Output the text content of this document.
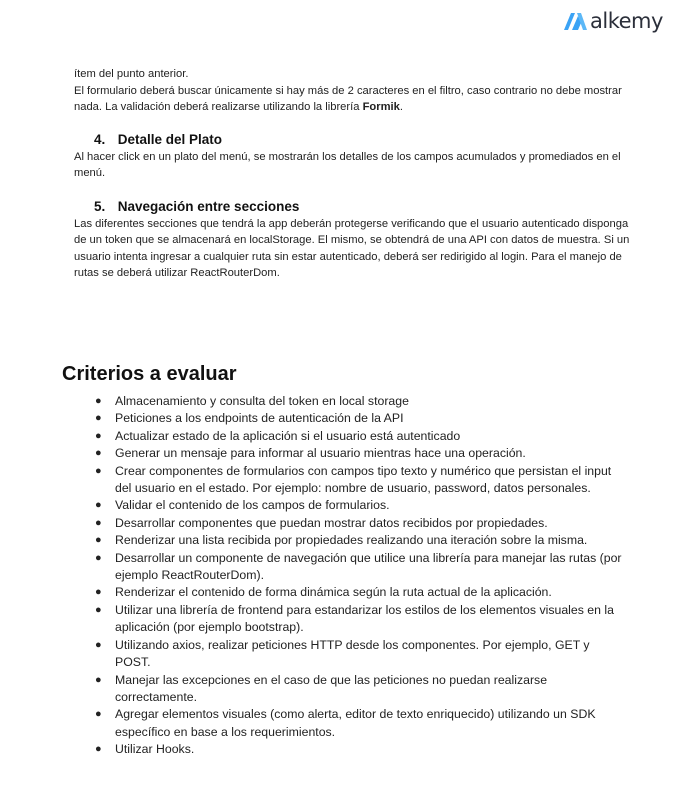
alkemy

ítem del punto anterior.

El formulario deberá buscar únicamente si hay más de 2 caracteres en el filtro, caso contrario no debe mostrar nada. La validación deberá realizarse utilizando la librería Formik.

4. Detalle del Plato

Al hacer click en un plato del menú, se mostrarán los detalles de los campos acumulados y promediados en el menú.

5. Navegación entre secciones

Las diferentes secciones que tendrá la app deberán protegerse verificando que el usuario autenticado disponga de un token que se almacenará en localStorage. El mismo, se obtendrá de una API con datos de muestra. Si un usuario intenta ingresar a cualquier ruta sin estar autenticado, deberá ser redirigido al login. Para el manejo de rutas se deberá utilizar ReactRouterDom.

Criterios a evaluar
● Almacenamiento y consulta del token en local storage
● Peticiones a los endpoints de autenticación de la API
● Actualizar estado de la aplicación si el usuario está autenticado
● Generar un mensaje para informar al usuario mientras hace una operación.
● Crear componentes de formularios con campos tipo texto y numérico que persistan el input del usuario en el estado. Por ejemplo: nombre de usuario, password, datos personales.
● Validar el contenido de los campos de formularios.
● Desarrollar componentes que puedan mostrar datos recibidos por propiedades.
● Renderizar una lista recibida por propiedades realizando una iteración sobre la misma.
● Desarrollar un componente de navegación que utilice una librería para manejar las rutas (por ejemplo ReactRouterDom).
● Renderizar el contenido de forma dinámica según la ruta actual de la aplicación.
● Utilizar una librería de frontend para estandarizar los estilos de los elementos visuales en la aplicación (por ejemplo bootstrap).
● Utilizando axios, realizar peticiones HTTP desde los componentes. Por ejemplo, GET y POST.
● Manejar las excepciones en el caso de que las peticiones no puedan realizarse correctamente.
● Agregar elementos visuales (como alerta, editor de texto enriquecido) utilizando un SDK específico en base a los requerimientos.
● Utilizar Hooks.
